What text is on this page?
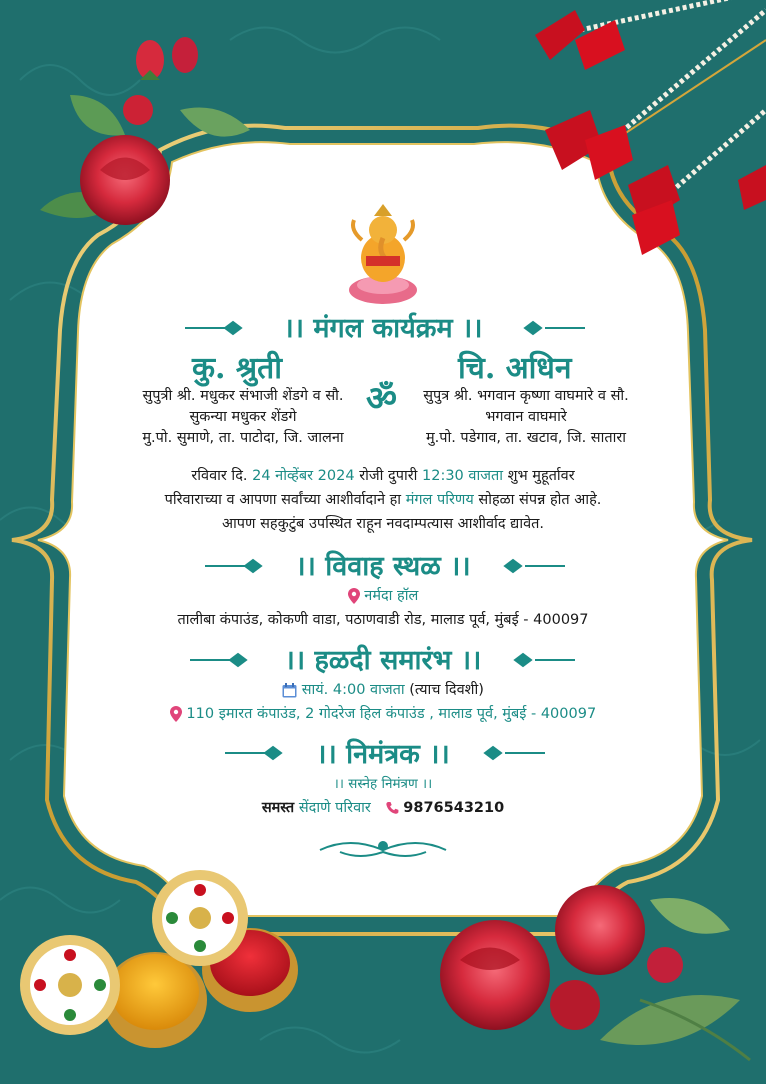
।। मंगल कार्यक्रम ।।
कु. श्रुती	चि. अधिन
ॐ
सुपुत्री श्री. मधुकर संभाजी शेंडगे व सौ.
सुकन्या मधुकर शेंडगे
मु.पो. सुमाणे, ता. पाटोदा, जि. जालना
सुपुत्र श्री. भगवान कृष्णा वाघमारे व सौ.
भगवान वाघमारे
मु.पो. पडेगाव, ता. खटाव, जि. सातारा
रविवार दि. 24 नोव्हेंबर 2024 रोजी दुपारी 12:30 वाजता शुभ मुहूर्तावर
परिवाराच्या व आपणा सर्वांच्या आशीर्वादाने हा मंगल परिणय सोहळा संपन्न होत आहे.
आपण सहकुटुंब उपस्थित राहून नवदाम्पत्यास आशीर्वाद द्यावेत.
।। विवाह स्थळ ।।
नर्मदा हॉल
तालीबा कंपाउंड, कोकणी वाडा, पठाणवाडी रोड, मालाड पूर्व, मुंबई - 400097
।। हळदी समारंभ ।।
सायं. 4:00 वाजता (त्याच दिवशी)
110 इमारत कंपाउंड, 2 गोदरेज हिल कंपाउंड , मालाड पूर्व, मुंबई - 400097
।। निमंत्रक ।।
।। सस्नेह निमंत्रण ।।
समस्त सेंदाणे परिवार 9876543210
